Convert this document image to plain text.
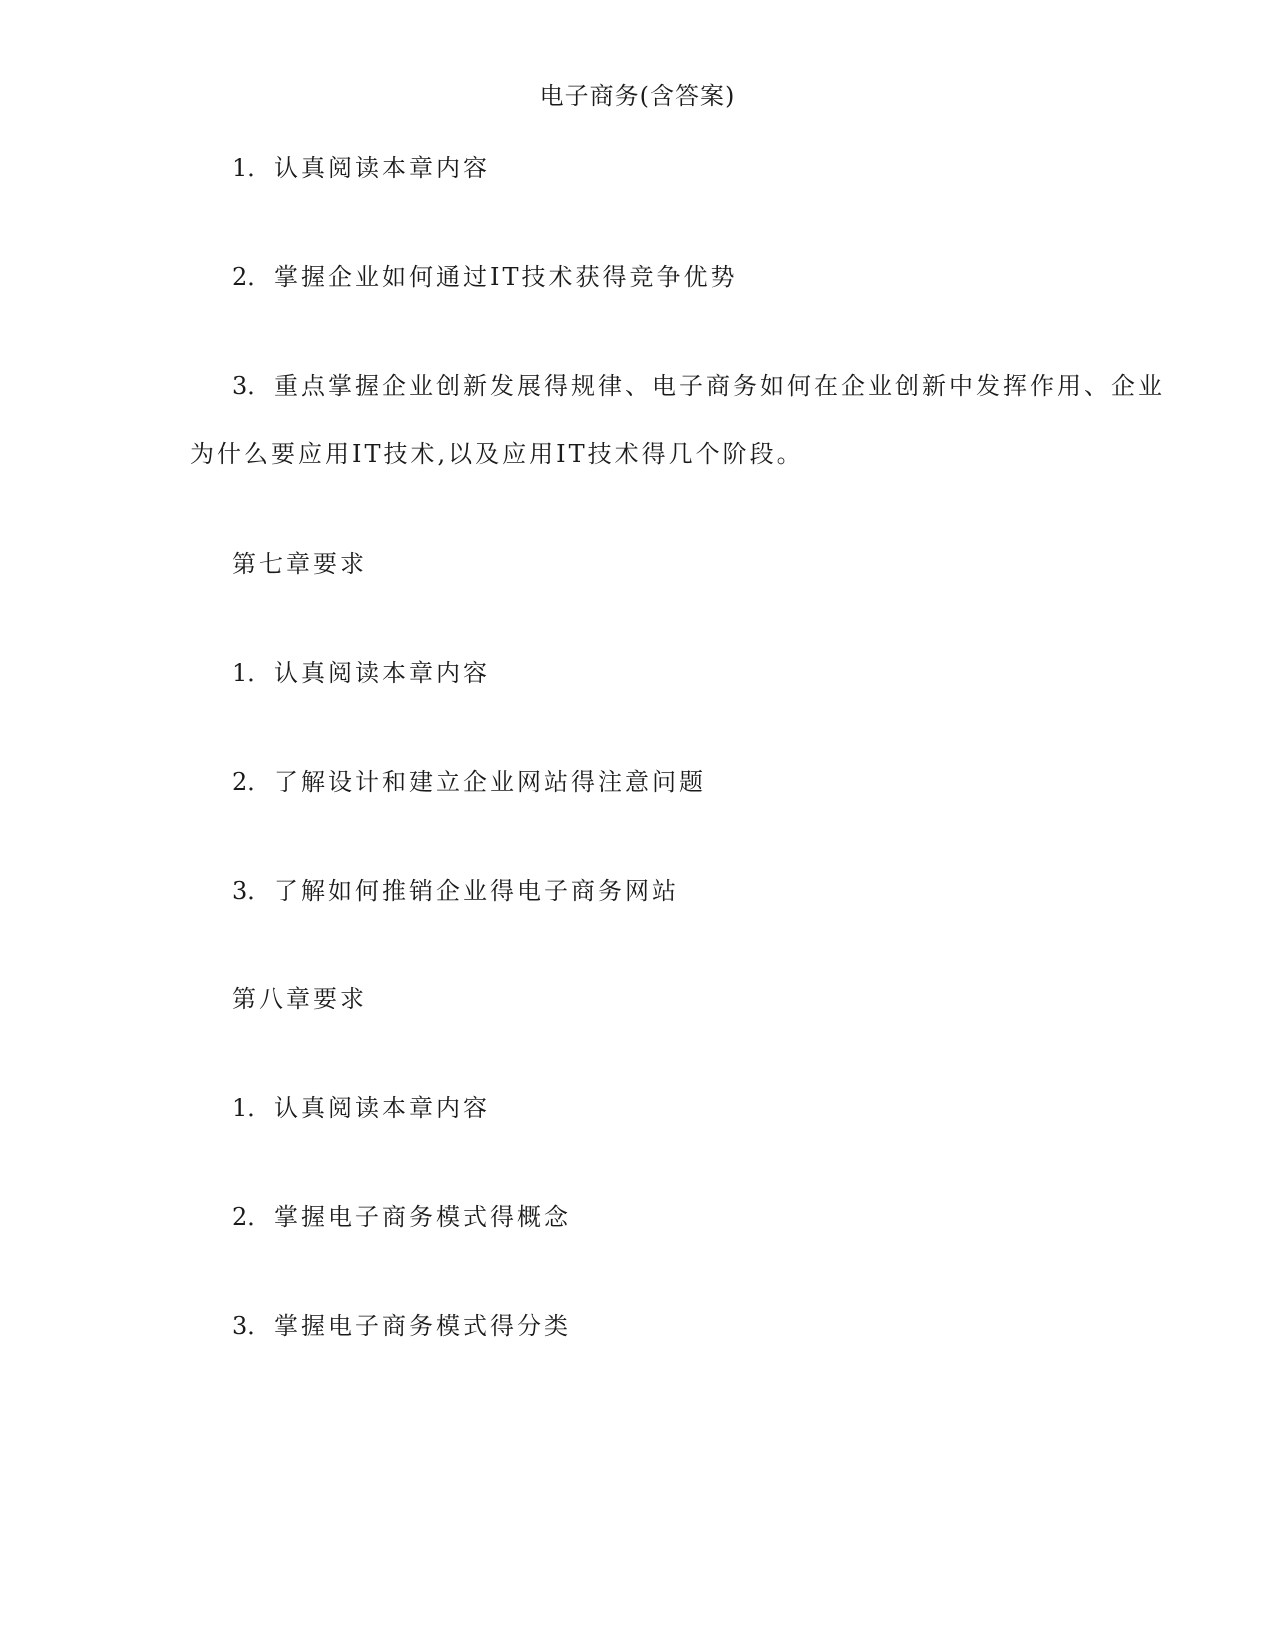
电子商务(含答案)
1． 认真阅读本章内容
2． 掌握企业如何通过IT技术获得竞争优势
3． 重点掌握企业创新发展得规律、电子商务如何在企业创新中发挥作用、企业
为什么要应用IT技术,以及应用IT技术得几个阶段。
第七章要求
1． 认真阅读本章内容
2． 了解设计和建立企业网站得注意问题
3． 了解如何推销企业得电子商务网站
第八章要求
1． 认真阅读本章内容
2． 掌握电子商务模式得概念
3． 掌握电子商务模式得分类
